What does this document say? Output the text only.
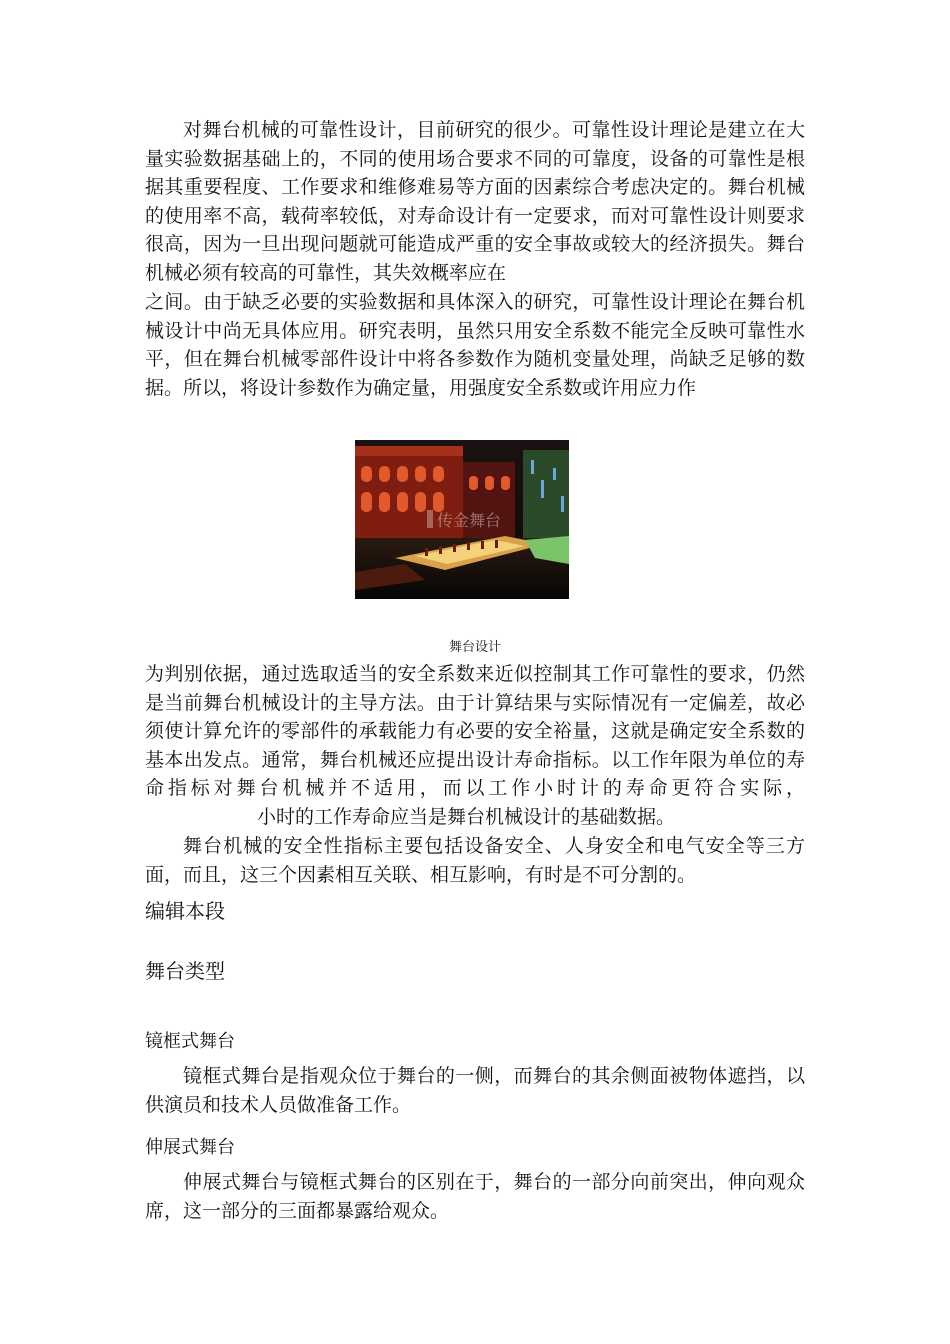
对舞台机械的可靠性设计，目前研究的很少。可靠性设计理论是建立在大量实验数据基础上的，不同的使用场合要求不同的可靠度，设备的可靠性是根据其重要程度、工作要求和维修难易等方面的因素综合考虑决定的。舞台机械的使用率不高，载荷率较低，对寿命设计有一定要求，而对可靠性设计则要求很高，因为一旦出现问题就可能造成严重的安全事故或较大的经济损失。舞台机械必须有较高的可靠性，其失效概率应在

之间。由于缺乏必要的实验数据和具体深入的研究，可靠性设计理论在舞台机械设计中尚无具体应用。研究表明，虽然只用安全系数不能完全反映可靠性水平，但在舞台机械零部件设计中将各参数作为随机变量处理，尚缺乏足够的数据。所以，将设计参数作为确定量，用强度安全系数或许用应力作

传金舞台
舞台设计

为判别依据，通过选取适当的安全系数来近似控制其工作可靠性的要求，仍然是当前舞台机械设计的主导方法。由于计算结果与实际情况有一定偏差，故必须使计算允许的零部件的承载能力有必要的安全裕量，这就是确定安全系数的基本出发点。通常，舞台机械还应提出设计寿命指标。以工作年限为单位的寿命指标对舞台机械并不适用，而以工作小时计的寿命更符合实际，小时的工作寿命应当是舞台机械设计的基础数据。

舞台机械的安全性指标主要包括设备安全、人身安全和电气安全等三方面，而且，这三个因素相互关联、相互影响，有时是不可分割的。

编辑本段
舞台类型
镜框式舞台

镜框式舞台是指观众位于舞台的一侧，而舞台的其余侧面被物体遮挡，以供演员和技术人员做准备工作。

伸展式舞台

伸展式舞台与镜框式舞台的区别在于，舞台的一部分向前突出，伸向观众席，这一部分的三面都暴露给观众。
